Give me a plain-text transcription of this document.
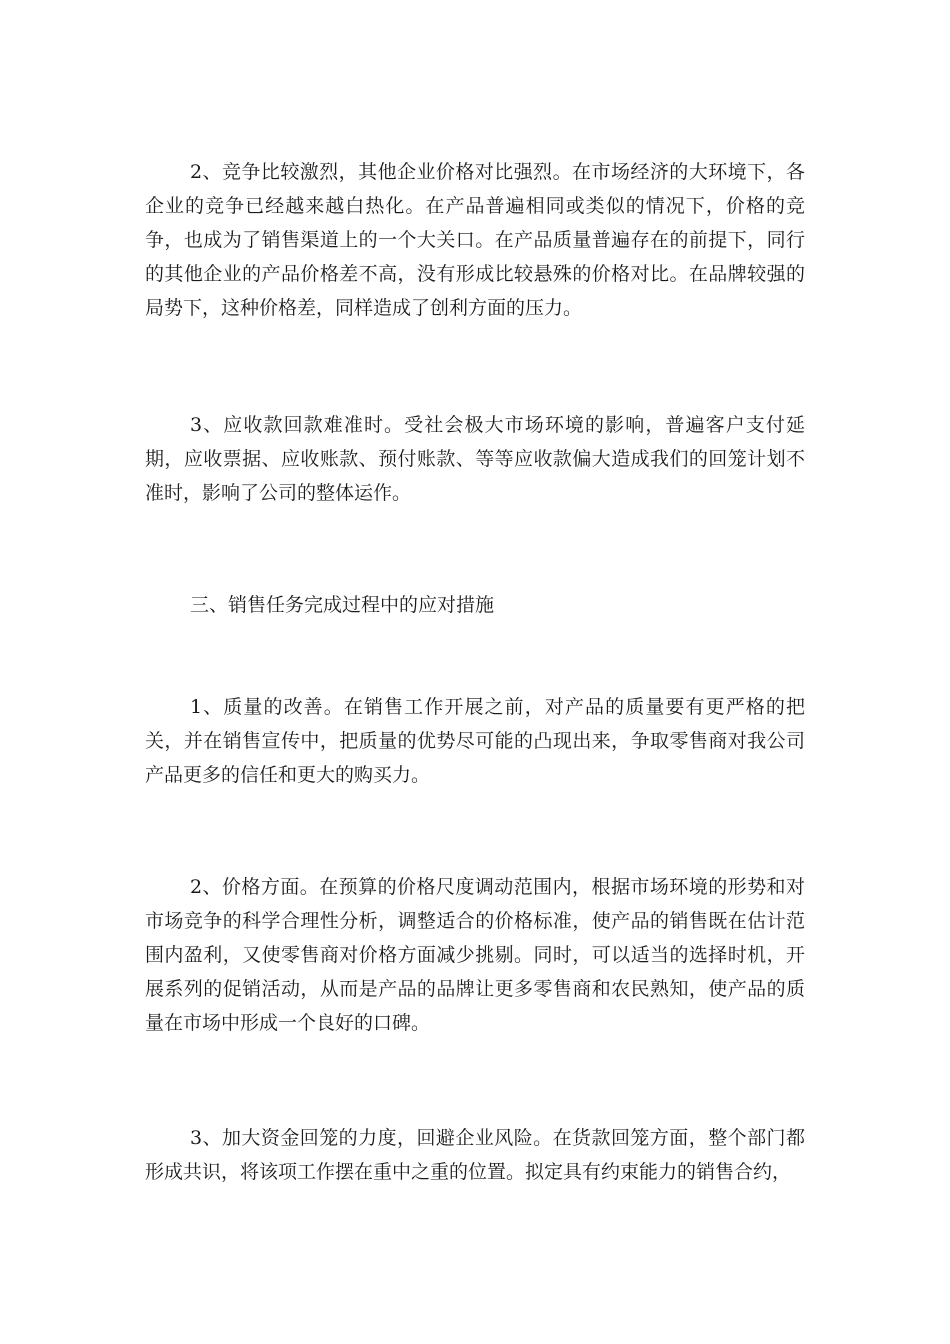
2、竞争比较激烈，其他企业价格对比强烈。在市场经济的大环境下，各企业的竞争已经越来越白热化。在产品普遍相同或类似的情况下，价格的竞争，也成为了销售渠道上的一个大关口。在产品质量普遍存在的前提下，同行的其他企业的产品价格差不高，没有形成比较悬殊的价格对比。在品牌较强的局势下，这种价格差，同样造成了创利方面的压力。

3、应收款回款难准时。受社会极大市场环境的影响，普遍客户支付延期，应收票据、应收账款、预付账款、等等应收款偏大造成我们的回笼计划不准时，影响了公司的整体运作。

三、销售任务完成过程中的应对措施

1、质量的改善。在销售工作开展之前，对产品的质量要有更严格的把关，并在销售宣传中，把质量的优势尽可能的凸现出来，争取零售商对我公司产品更多的信任和更大的购买力。

2、价格方面。在预算的价格尺度调动范围内，根据市场环境的形势和对市场竞争的科学合理性分析，调整适合的价格标准，使产品的销售既在估计范围内盈利，又使零售商对价格方面减少挑剔。同时，可以适当的选择时机，开展系列的促销活动，从而是产品的品牌让更多零售商和农民熟知，使产品的质量在市场中形成一个良好的口碑。

3、加大资金回笼的力度，回避企业风险。在货款回笼方面，整个部门都形成共识，将该项工作摆在重中之重的位置。拟定具有约束能力的销售合约，
